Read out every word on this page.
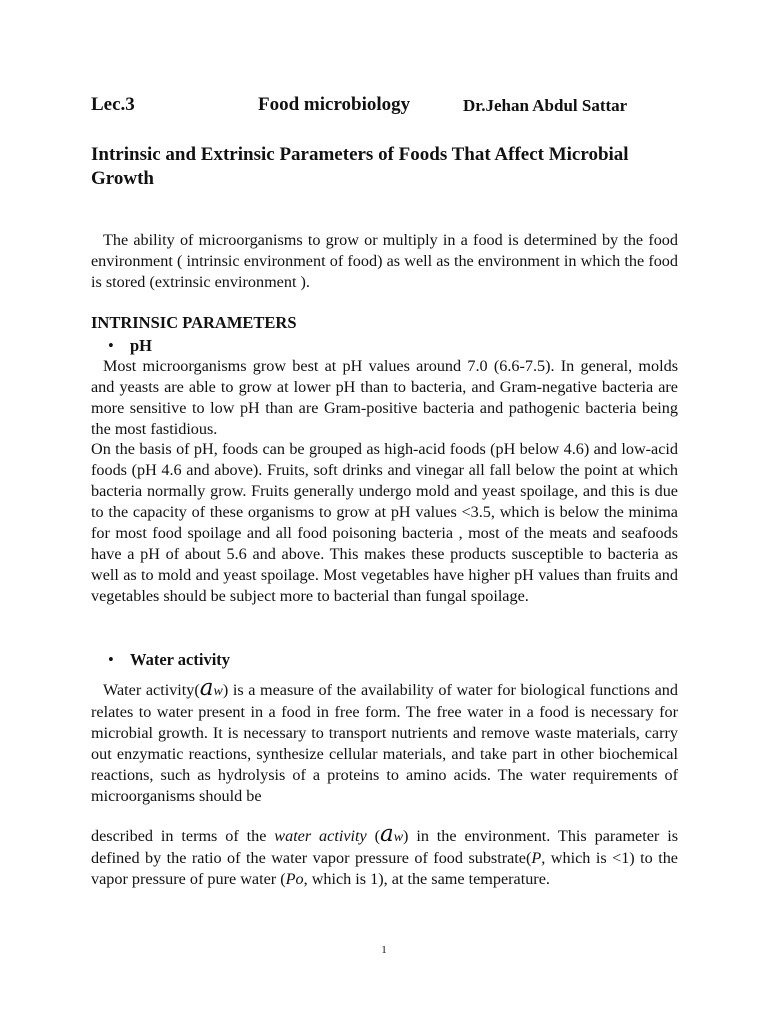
Lec.3	Food microbiology	Dr.Jehan Abdul Sattar
Intrinsic and Extrinsic Parameters of Foods That Affect Microbial Growth
The ability of microorganisms to grow or multiply in a food is determined by the food environment ( intrinsic environment of food) as well as the environment in which the food is stored (extrinsic environment ).
INTRINSIC PARAMETERS
• pH
Most microorganisms grow best at pH values around 7.0 (6.6-7.5). In general, molds and yeasts are able to grow at lower pH than to bacteria, and Gram-negative bacteria are more sensitive to low pH than are Gram-positive bacteria and pathogenic bacteria being the most fastidious.
On the basis of pH, foods can be grouped as high-acid foods (pH below 4.6) and low-acid foods (pH 4.6 and above). Fruits, soft drinks and vinegar all fall below the point at which bacteria normally grow. Fruits generally undergo mold and yeast spoilage, and this is due to the capacity of these organisms to grow at pH values <3.5, which is below the minima for most food spoilage and all food poisoning bacteria , most of the meats and seafoods have a pH of about 5.6 and above. This makes these products susceptible to bacteria as well as to mold and yeast spoilage. Most vegetables have higher pH values than fruits and vegetables should be subject more to bacterial than fungal spoilage.
• Water activity
Water activity(aw) is a measure of the availability of water for biological functions and relates to water present in a food in free form. The free water in a food is necessary for microbial growth. It is necessary to transport nutrients and remove waste materials, carry out enzymatic reactions, synthesize cellular materials, and take part in other biochemical reactions, such as hydrolysis of a proteins to amino acids. The water requirements of microorganisms should be
described in terms of the water activity (aw) in the environment. This parameter is defined by the ratio of the water vapor pressure of food substrate(P, which is <1) to the vapor pressure of pure water (Po, which is 1), at the same temperature.
1
